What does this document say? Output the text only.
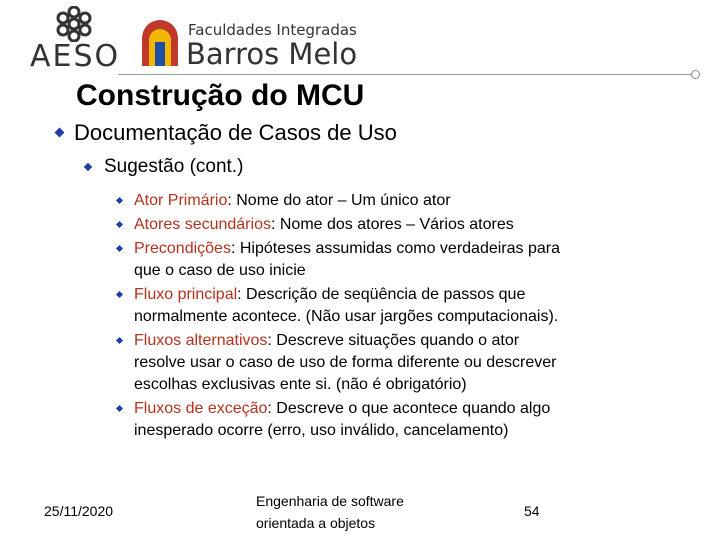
AESO
Faculdades Integradas
Barros Melo
Construção do MCU
Documentação de Casos de Uso
Sugestão (cont.)
Ator Primário: Nome do ator – Um único ator
Atores secundários: Nome dos atores – Vários atores
Precondições: Hipóteses assumidas como verdadeiras para
que o caso de uso inicie
Fluxo principal: Descrição de seqüência de passos que
normalmente acontece. (Não usar jargões computacionais).
Fluxos alternativos: Descreve situações quando o ator
resolve usar o caso de uso de forma diferente ou descrever
escolhas exclusivas ente si. (não é obrigatório)
Fluxos de exceção: Descreve o que acontece quando algo
inesperado ocorre (erro, uso inválido, cancelamento)
25/11/2020
Engenharia de software
orientada a objetos
54
